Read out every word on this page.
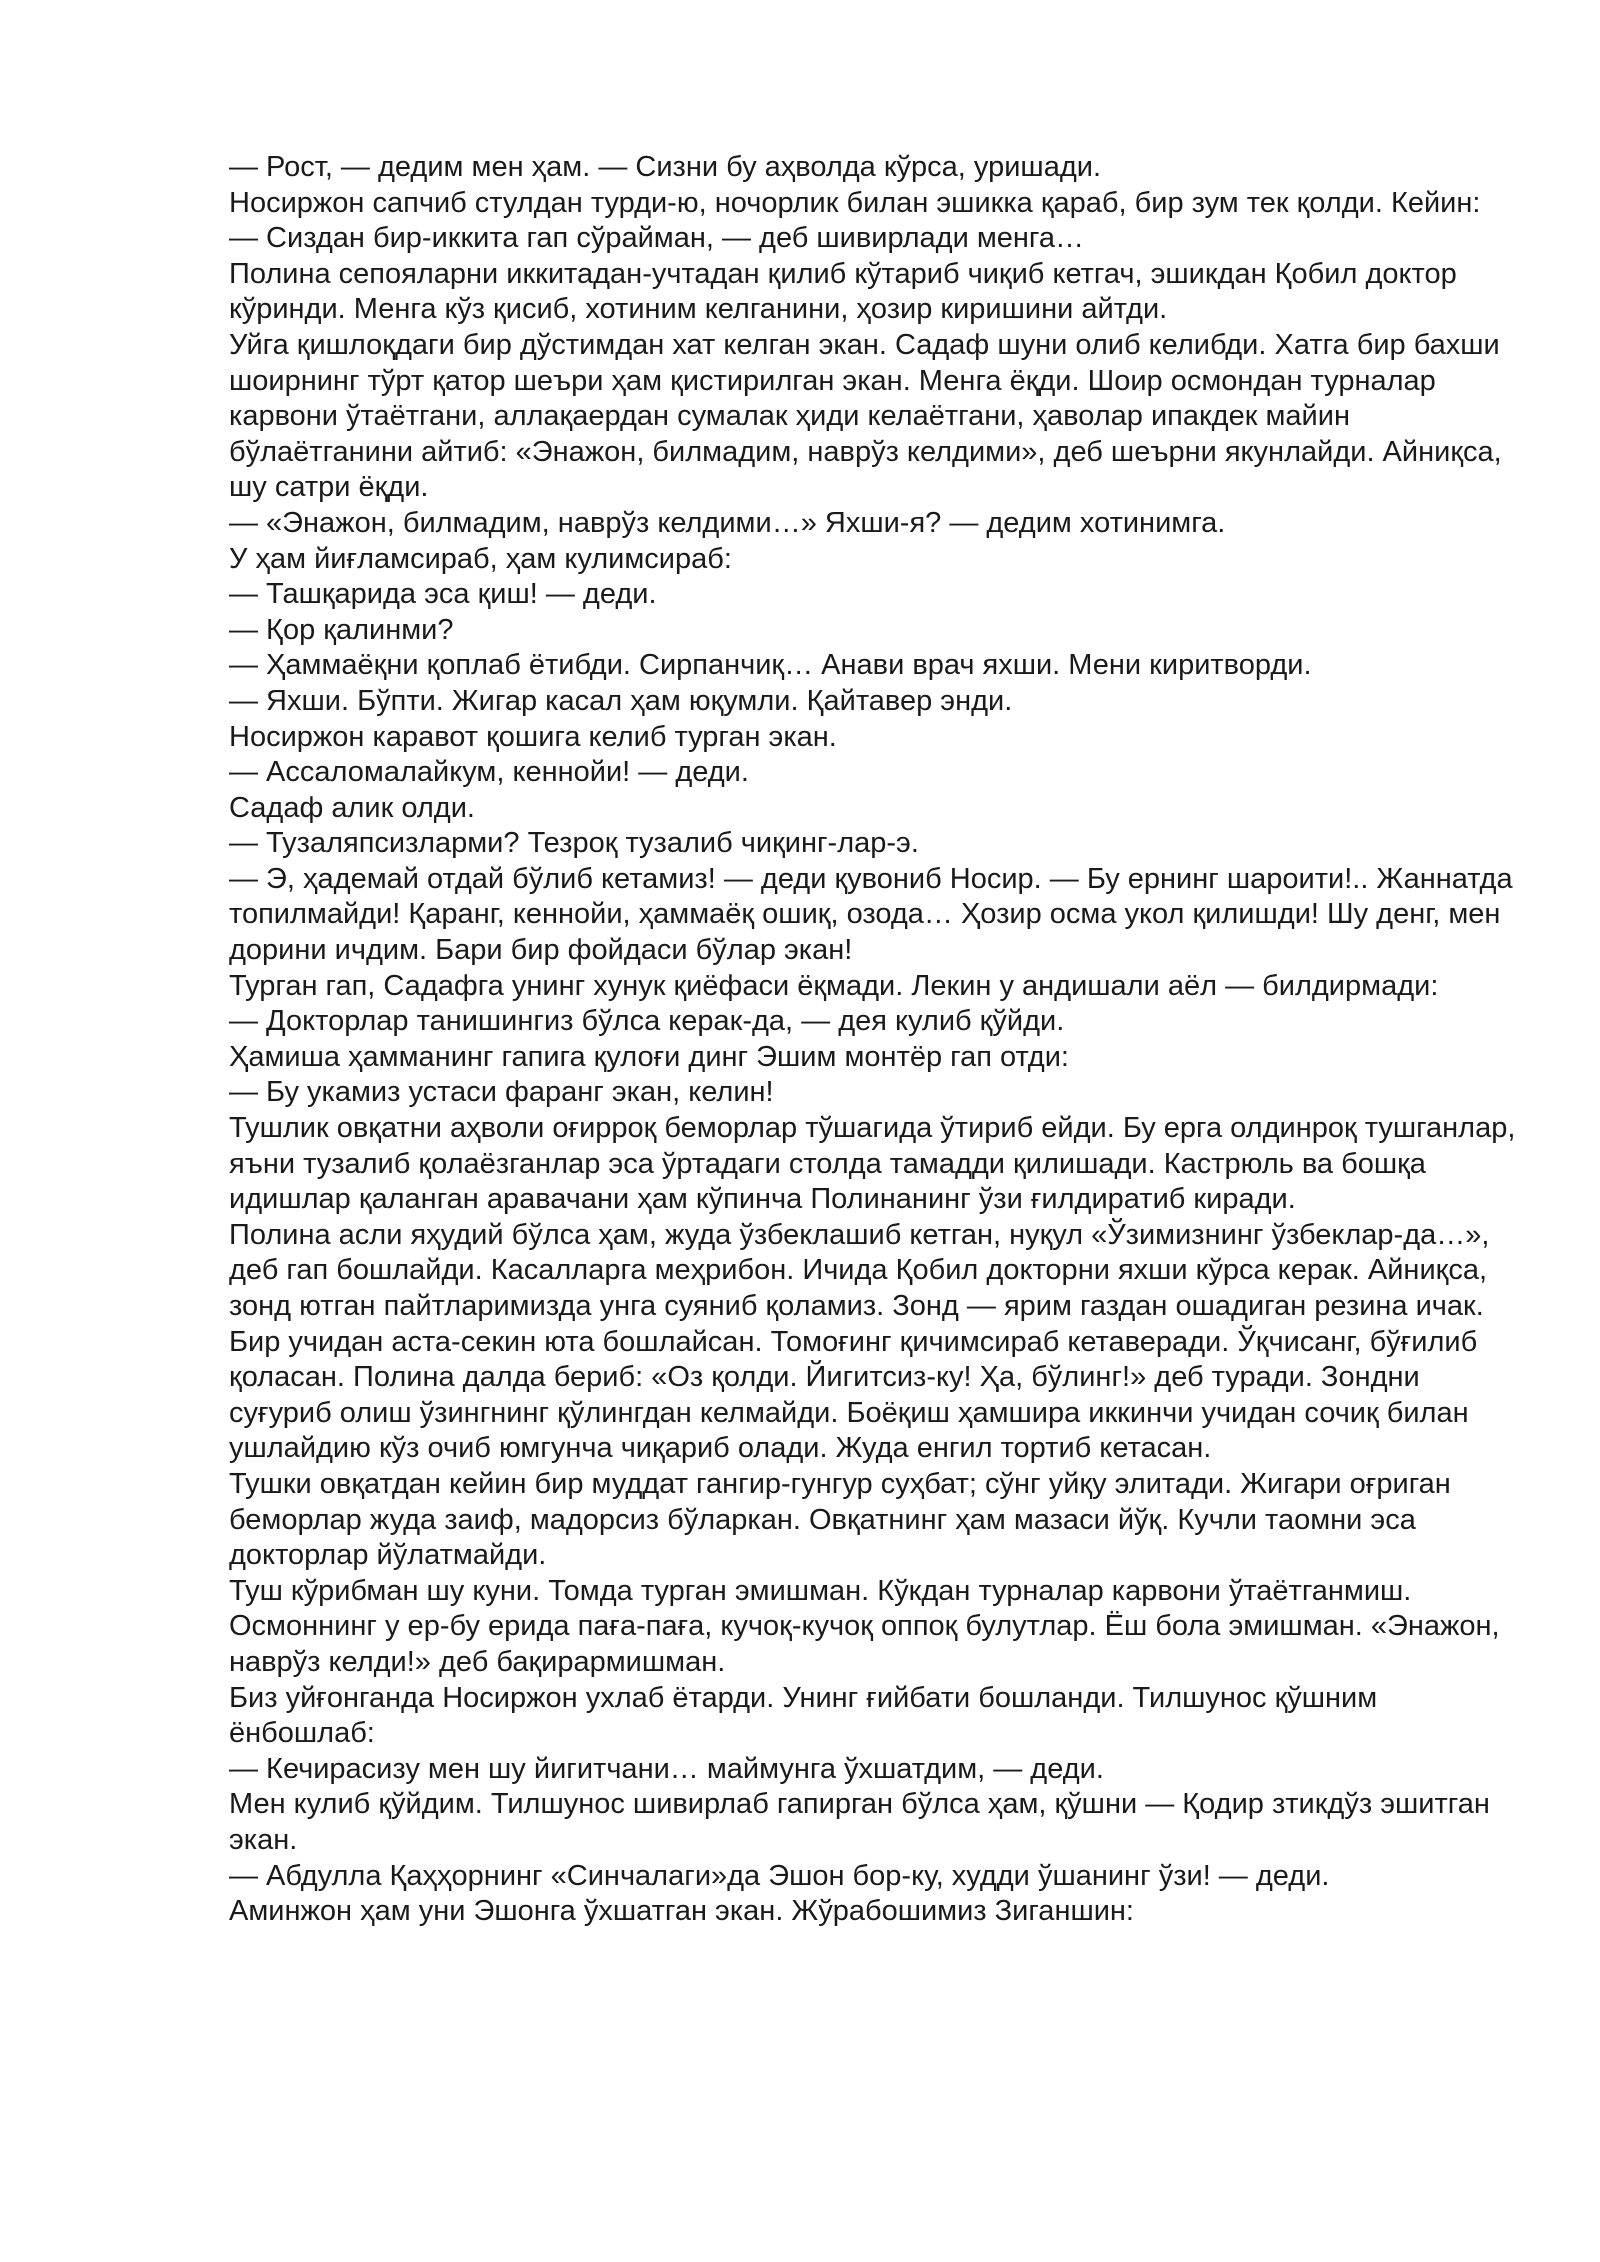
— Рост, — дедим мен ҳам. — Сизни бу аҳволда кўрса, уришади.

Носиржон сапчиб стулдан турди-ю, ночорлик билан эшикка қараб, бир зум тек қолди. Кейин:

— Сиздан бир-иккита гап сўрайман, — деб шивирлади менга…

Полина сепояларни иккитадан-учтадан қилиб кўтариб чиқиб кетгач, эшикдан Қобил доктор кўринди. Менга кўз қисиб, хотиним келганини, ҳозир киришини айтди.

Уйга қишлоқдаги бир дўстимдан хат келган экан. Садаф шуни олиб келибди. Хатга бир бахши шоирнинг тўрт қатор шеъри ҳам қистирилган экан. Менга ёқди. Шоир осмондан турналар карвони ўтаётгани, аллақаердан сумалак ҳиди келаётгани, ҳаволар ипакдек майин бўлаётганини айтиб: «Энажон, билмадим, наврўз келдими», деб шеърни якунлайди. Айниқса, шу сатри ёқди.

— «Энажон, билмадим, наврўз келдими…» Яхши-я? — дедим хотинимга.

У ҳам йиғламсираб, ҳам кулимсираб:

— Ташқарида эса қиш! — деди.

— Қор қалинми?

— Ҳаммаёқни қоплаб ётибди. Сирпанчиқ… Анави врач яхши. Мени киритворди.

— Яхши. Бўпти. Жигар касал ҳам юқумли. Қайтавер энди.

Носиржон каравот қошига келиб турган экан.

— Ассаломалайкум, кеннойи! — деди.

Садаф алик олди.

— Тузаляпсизларми? Тезроқ тузалиб чиқинг-лар-э.

— Э, ҳадемай отдай бўлиб кетамиз! — деди қувониб Носир. — Бу ернинг шароити!.. Жаннатда топилмайди! Қаранг, кеннойи, ҳаммаёқ ошиқ, озода… Ҳозир осма укол қилишди! Шу денг, мен дорини ичдим. Бари бир фойдаси бўлар экан!

Турган гап, Садафга унинг хунук қиёфаси ёқмади. Лекин у андишали аёл — билдирмади:

— Докторлар танишингиз бўлса керак-да, — дея кулиб қўйди.

Ҳамиша ҳамманинг гапига қулоғи динг Эшим монтёр гап отди:

— Бу укамиз устаси фаранг экан, келин!

Тушлик овқатни аҳволи оғирроқ беморлар тўшагида ўтириб ейди. Бу ерга олдинроқ тушганлар, яъни тузалиб қолаёзганлар эса ўртадаги столда тамадди қилишади. Кастрюль ва бошқа идишлар қаланган аравачани ҳам кўпинча Полинанинг ўзи ғилдиратиб киради.

Полина асли яҳудий бўлса ҳам, жуда ўзбеклашиб кетган, нуқул «Ўзимизнинг ўзбеклар-да…», деб гап бошлайди. Касалларга меҳрибон. Ичида Қобил докторни яхши кўрса керак. Айниқса, зонд ютган пайтларимизда унга суяниб қоламиз. Зонд — ярим газдан ошадиган резина ичак. Бир учидан аста-секин юта бошлайсан. Томоғинг қичимсираб кетаверади. Ўқчисанг, бўғилиб қоласан. Полина далда бериб: «Оз қолди. Йигитсиз-ку! Ҳа, бўлинг!» деб туради. Зондни суғуриб олиш ўзингнинг қўлингдан келмайди. Боёқиш ҳамшира иккинчи учидан сочиқ билан ушлайдию кўз очиб юмгунча чиқариб олади. Жуда енгил тортиб кетасан.

Тушки овқатдан кейин бир муддат гангир-гунгур суҳбат; сўнг уйқу элитади. Жигари оғриган беморлар жуда заиф, мадорсиз бўларкан. Овқатнинг ҳам мазаси йўқ. Кучли таомни эса докторлар йўлатмайди.

Туш кўрибман шу куни. Томда турган эмишман. Кўкдан турналар карвони ўтаётганмиш. Осмоннинг у ер-бу ерида паға-паға, кучоқ-кучоқ оппоқ булутлар. Ёш бола эмишман. «Энажон, наврўз келди!» деб бақирармишман.

Биз уйғонганда Носиржон ухлаб ётарди. Унинг ғийбати бошланди. Тилшунос қўшним ёнбошлаб:

— Кечирасизу мен шу йигитчани… маймунга ўхшатдим, — деди.

Мен кулиб қўйдим. Тилшунос шивирлаб гапирган бўлса ҳам, қўшни — Қодир зтикдўз эшитган экан.

— Абдулла Қаҳҳорнинг «Синчалаги»да Эшон бор-ку, худди ўшанинг ўзи! — деди.

Аминжон ҳам уни Эшонга ўхшатган экан. Жўрабошимиз Зиганшин:
